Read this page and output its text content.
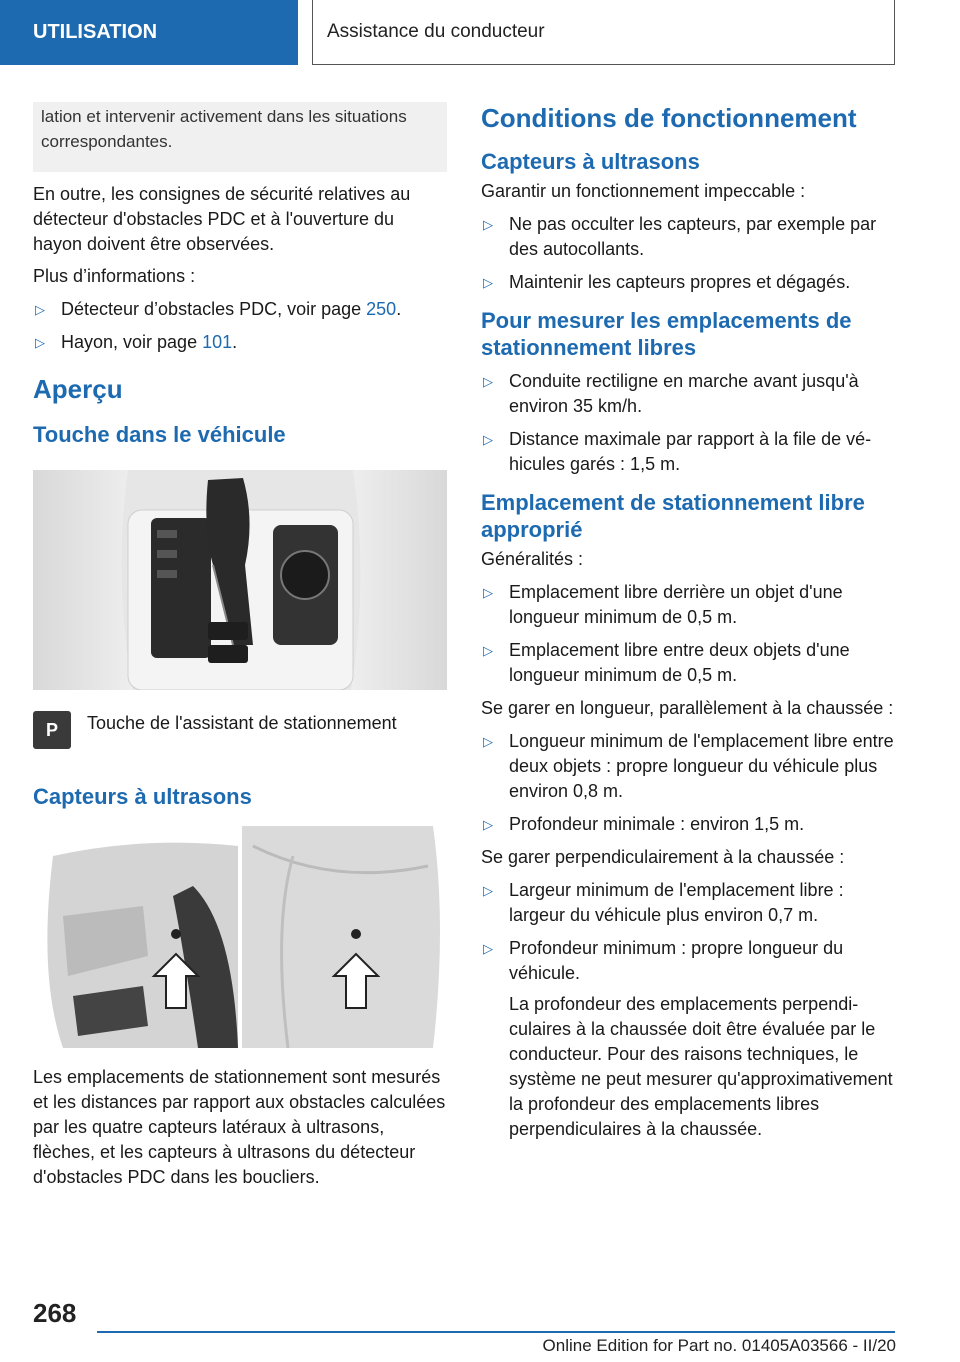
UTILISATION	Assistance du conducteur

lation et intervenir activement dans les situations correspondantes.

En outre, les consignes de sécurité relatives au détecteur d'obstacles PDC et à l'ouverture du hayon doivent être observées.

Plus d’informations :

▷ Détecteur d’obstacles PDC, voir page 250.
▷ Hayon, voir page 101.
Aperçu
Touche dans le véhicule
P	Touche de l'assistant de stationnement
Capteurs à ultrasons

Les emplacements de stationnement sont mesurés et les distances par rapport aux obstacles calculées par les quatre capteurs latéraux à ultrasons, flèches, et les capteurs à ultrasons du détecteur d'obstacles PDC dans les boucliers.

Conditions de fonctionnement
Capteurs à ultrasons

Garantir un fonctionnement impeccable :

▷ Ne pas occulter les capteurs, par exemple par des autocollants.
▷ Maintenir les capteurs propres et dégagés.
Pour mesurer les emplacements de stationnement libres
▷ Conduite rectiligne en marche avant jusqu'à environ 35 km/h.
▷ Distance maximale par rapport à la file de véhicules garés : 1,5 m.
Emplacement de stationnement libre approprié

Généralités :

▷ Emplacement libre derrière un objet d'une longueur minimum de 0,5 m.
▷ Emplacement libre entre deux objets d'une longueur minimum de 0,5 m.

Se garer en longueur, parallèlement à la chaussée :

▷ Longueur minimum de l'emplacement libre entre deux objets : propre longueur du véhicule plus environ 0,8 m.
▷ Profondeur minimale : environ 1,5 m.

Se garer perpendiculairement à la chaussée :

▷ Largeur minimum de l'emplacement libre : largeur du véhicule plus environ 0,7 m.
▷ Profondeur minimum : propre longueur du véhicule.

La profondeur des emplacements perpendiculaires à la chaussée doit être évaluée par le conducteur. Pour des raisons techniques, le système ne peut mesurer qu'approximativement la profondeur des emplacements libres perpendiculaires à la chaussée.

268
Online Edition for Part no. 01405A03566 - II/20
